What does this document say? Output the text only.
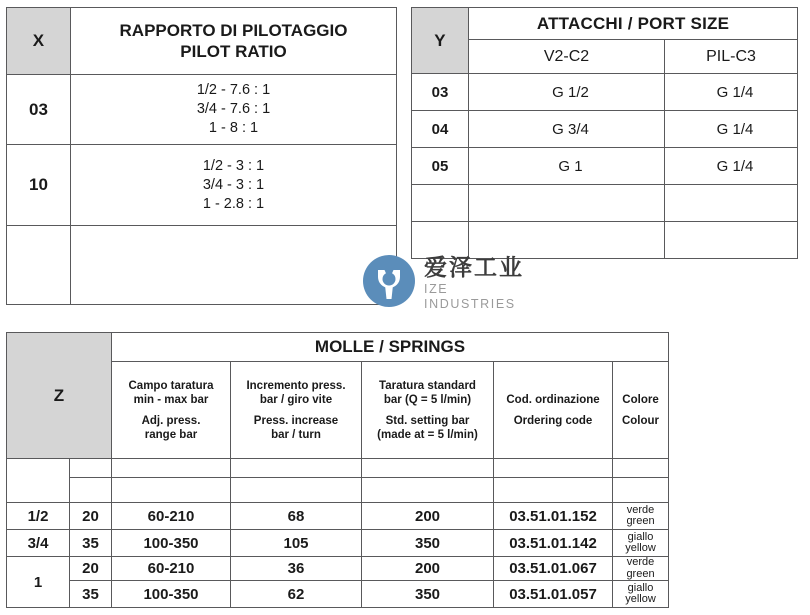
X	RAPPORTO DI PILOTAGGIO
PILOT RATIO

03	1/2 - 7.6 : 1
3/4 - 7.6 : 1
1 - 8 : 1

10	1/2 - 3 : 1
3/4 - 3 : 1
1 - 2.8 : 1

Y	ATTACCHI / PORT SIZE	
	V2-C2	PIL-C3
03	G 1/2	G 1/4
04	G 3/4	G 1/4
05	G 1	G 1/4

爱泽工业
IZE INDUSTRIES
Z		MOLLE / SPRINGS				

		Campo taratura
min - max bar
Adj. press.
range bar	Incremento press.
bar / giro vite
Press. increase
bar / turn	Taratura standard
bar (Q = 5 l/min)
Std. setting bar
(made at = 5 l/min)	Cod. ordinazione
Ordering code	Colore
Colour

1/2	20	60-210	68	200	03.51.01.152	verde
green

3/4	35	100-350	105	350	03.51.01.142	giallo
yellow

1	20	60-210	36	200	03.51.01.067	verde
green

	35	100-350	62	350	03.51.01.057	giallo
yellow
